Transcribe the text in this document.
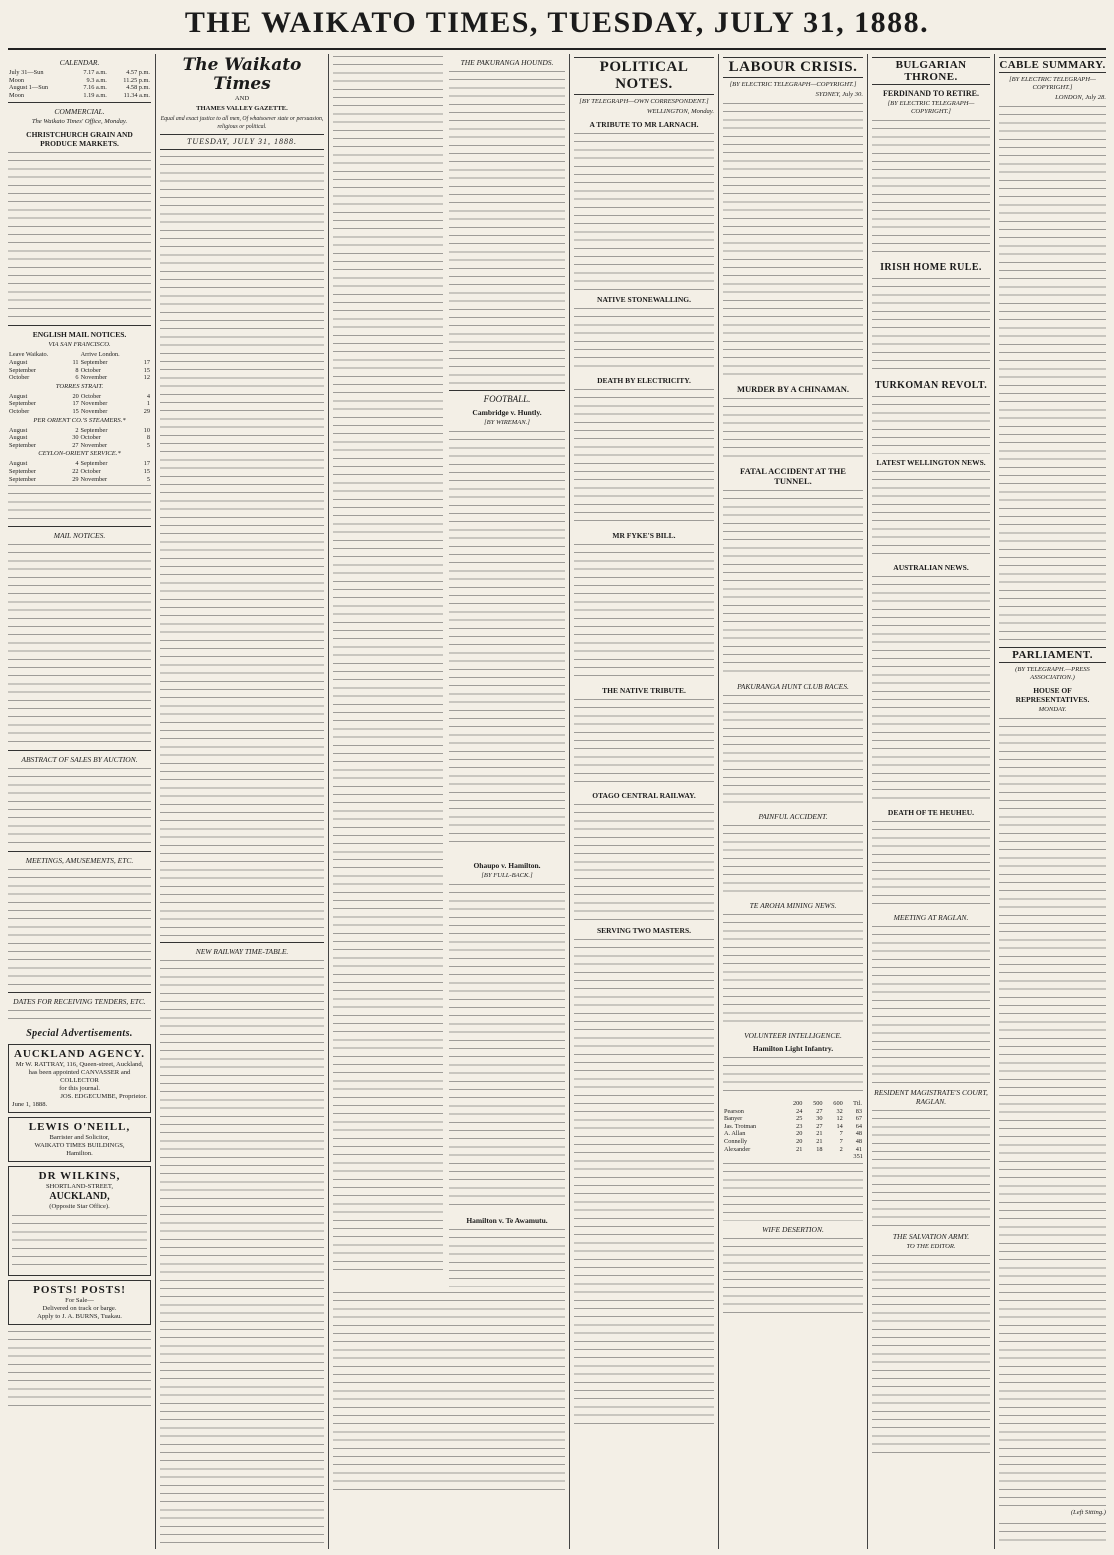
THE WAIKATO TIMES, TUESDAY, JULY 31, 1888.
CALENDAR.
July 31—Sun	7.17 a.m.	4.57 p.m.
Moon	9.3 a.m.	11.25 p.m.
August 1—Sun	7.16 a.m.	4.58 p.m.
Moon	1.19 a.m.	11.34 a.m.
COMMERCIAL.
The Waikato Times' Office, Monday.
CHRISTCHURCH GRAIN AND PRODUCE MARKETS.
ENGLISH MAIL NOTICES.
VIA SAN FRANCISCO.
Leave Waikato.		Arrive London.	
August	11	September	17
September	8	October	15
October	6	November	12
TORRES STRAIT.
August	20	October	4
September	17	November	1
October	15	November	29
PER ORIENT CO.'S STEAMERS.*
August	2	September	10
August	30	October	8
September	27	November	5
CEYLON-ORIENT SERVICE.*
August	4	September	17
September	22	October	15
September	29	November	5
MAIL NOTICES.
ABSTRACT OF SALES BY AUCTION.
MEETINGS, AMUSEMENTS, ETC.
DATES FOR RECEIVING TENDERS, ETC.
Special Advertisements.
AUCKLAND AGENCY.
Mr W. RATTRAY, 116, Queen-street, Auckland,
has been appointed CANVASSER and COLLECTOR
for this journal.
JOS. EDGECUMBE, Proprietor.
June 1, 1888.
LEWIS O'NEILL,
Barrister and Solicitor,
WAIKATO TIMES BUILDINGS,
Hamilton.
DR WILKINS,
SHORTLAND-STREET,
AUCKLAND,
(Opposite Star Office).
POSTS! POSTS!
For Sale—
Delivered on track or barge.
Apply to J. A. BURNS, Tuakau.
The Waikato Times
AND
THAMES VALLEY GAZETTE.
Equal and exact justice to all men, Of whatsoever state or persuasion, religious or political.
TUESDAY, JULY 31, 1888.
NEW RAILWAY TIME-TABLE.
THE PAKURANGA HOUNDS.
FOOTBALL.
Cambridge v. Huntly.
[BY WIREMAN.]
Ohaupo v. Hamilton.
[BY FULL-BACK.]
Hamilton v. Te Awamutu.
POLITICAL NOTES.
[BY TELEGRAPH—OWN CORRESPONDENT.]
WELLINGTON, Monday.
A TRIBUTE TO MR LARNACH.
NATIVE STONEWALLING.
DEATH BY ELECTRICITY.
MR FYKE'S BILL.
THE NATIVE TRIBUTE.
OTAGO CENTRAL RAILWAY.
SERVING TWO MASTERS.
LABOUR CRISIS.
[BY ELECTRIC TELEGRAPH—COPYRIGHT.]
SYDNEY, July 30.
MURDER BY A CHINAMAN.
FATAL ACCIDENT AT THE TUNNEL.
PAKURANGA HUNT CLUB RACES.
PAINFUL ACCIDENT.
TE AROHA MINING NEWS.
VOLUNTEER INTELLIGENCE.
Hamilton Light Infantry.
	200	500	600	Ttl.
Pearson	24	27	32	83
Banyer	25	30	12	67
Jas. Trotman	23	27	14	64
A. Allan	20	21	7	48
Connelly	20	21	7	48
Alexander	21	18	2	41
351
WIFE DESERTION.
BULGARIAN THRONE.
FERDINAND TO RETIRE.
[BY ELECTRIC TELEGRAPH—COPYRIGHT.]
IRISH HOME RULE.
TURKOMAN REVOLT.
LATEST WELLINGTON NEWS.
AUSTRALIAN NEWS.
DEATH OF TE HEUHEU.
MEETING AT RAGLAN.
RESIDENT MAGISTRATE'S COURT, RAGLAN.
THE SALVATION ARMY.
TO THE EDITOR.
CABLE SUMMARY.
[BY ELECTRIC TELEGRAPH—COPYRIGHT.]
LONDON, July 28.
PARLIAMENT.
(BY TELEGRAPH.—PRESS ASSOCIATION.)
HOUSE OF REPRESENTATIVES.
MONDAY.
(Left Sitting.)
